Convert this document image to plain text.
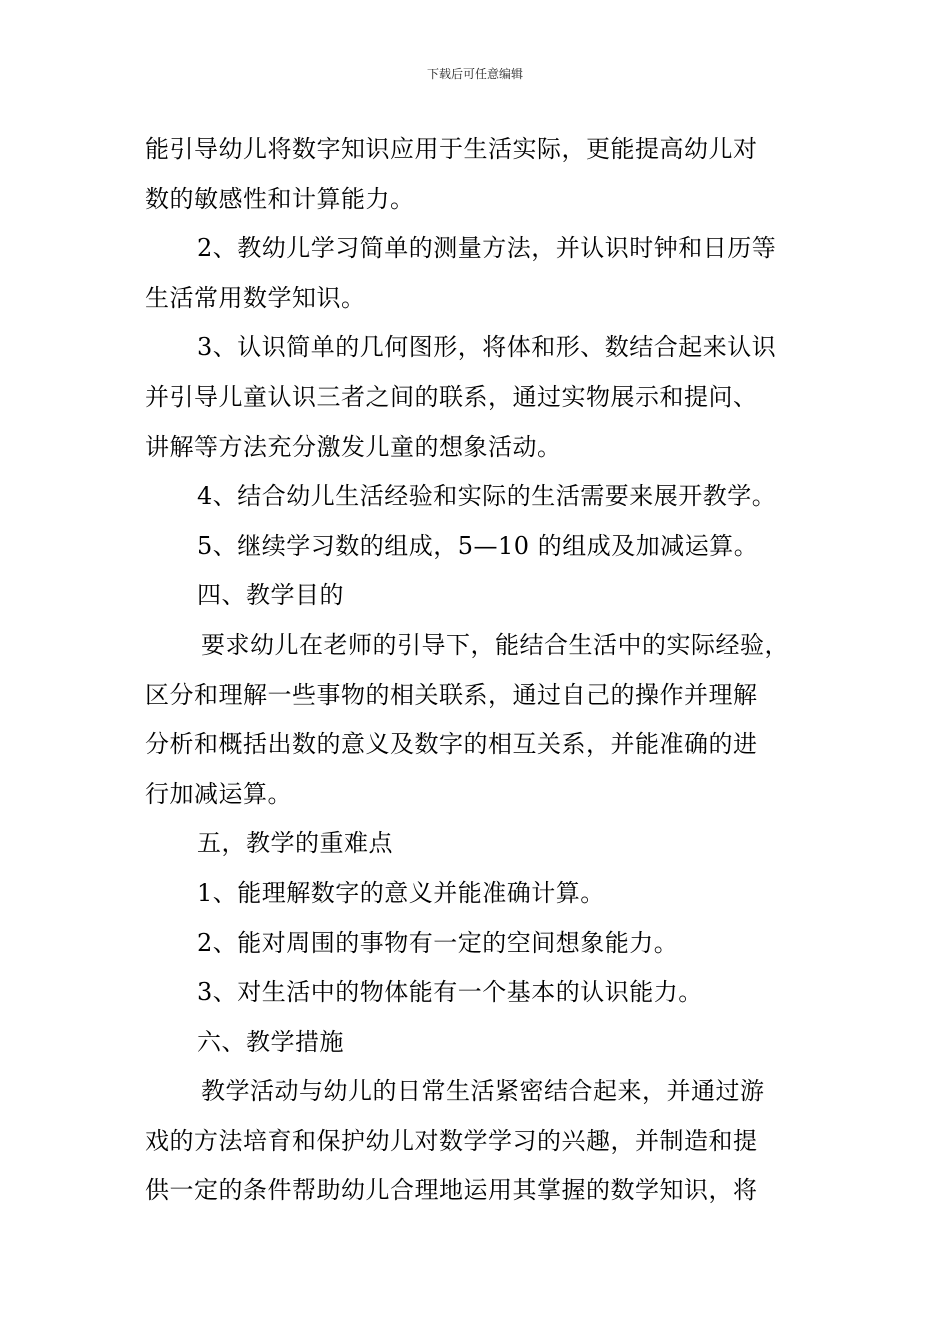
下载后可任意编辑
能引导幼儿将数字知识应用于生活实际，更能提高幼儿对
数的敏感性和计算能力。
2、教幼儿学习简单的测量方法，并认识时钟和日历等
生活常用数学知识。
3、认识简单的几何图形，将体和形、数结合起来认识
并引导儿童认识三者之间的联系，通过实物展示和提问、
讲解等方法充分激发儿童的想象活动。
4、结合幼儿生活经验和实际的生活需要来展开教学。
5、继续学习数的组成，5—10 的组成及加减运算。
四、教学目的
要求幼儿在老师的引导下，能结合生活中的实际经验，
区分和理解一些事物的相关联系，通过自己的操作并理解
分析和概括出数的意义及数字的相互关系，并能准确的进
行加减运算。
五，教学的重难点
1、能理解数字的意义并能准确计算。
2、能对周围的事物有一定的空间想象能力。
3、对生活中的物体能有一个基本的认识能力。
六、教学措施
教学活动与幼儿的日常生活紧密结合起来，并通过游
戏的方法培育和保护幼儿对数学学习的兴趣，并制造和提
供一定的条件帮助幼儿合理地运用其掌握的数学知识，将
